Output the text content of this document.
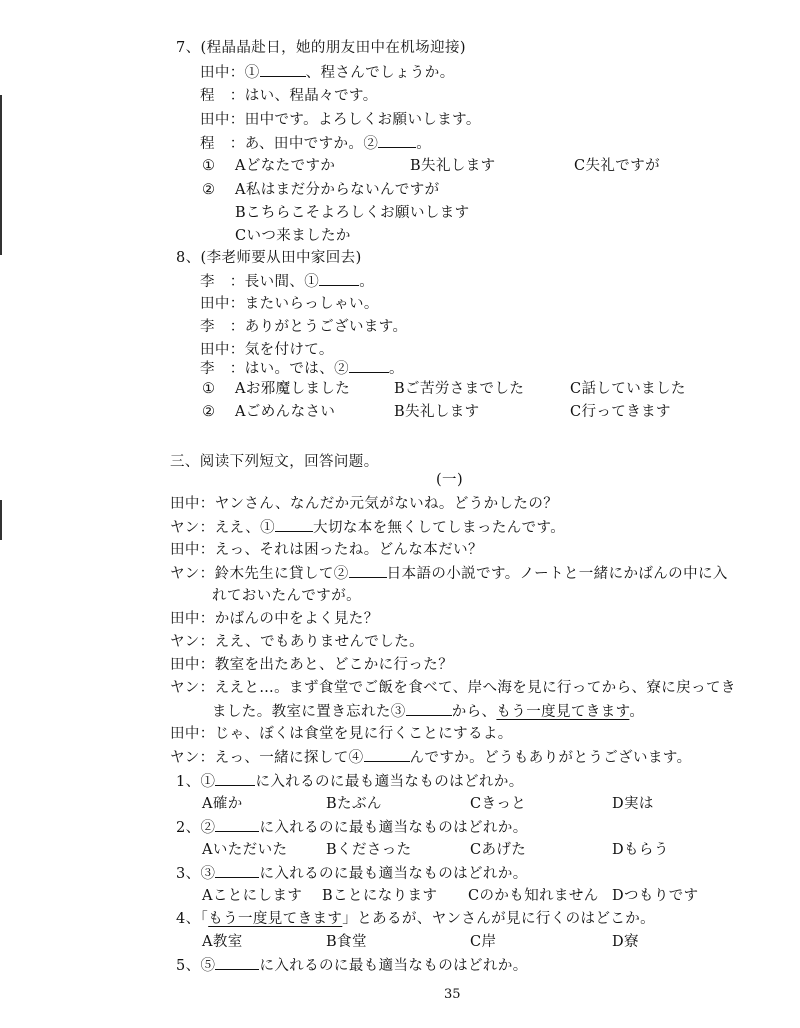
7、(程晶晶赴日，她的朋友田中在机场迎接)
田中：①	、程さんでしょうか。
程　：はい、程晶々です。
田中：田中です。よろしくお願いします。
程　：あ、田中ですか。②	。
① Aどなたですか	B失礼します	C失礼ですが
② A私はまだ分からないんですが
Bこちらこそよろしくお願いします
Cいつ来ましたか
8、(李老师要从田中家回去)
李　：長い間、①	。
田中：またいらっしゃい。
李　：ありがとうございます。
田中：気を付けて。
李　：はい。では、②	。
① Aお邪魔しました	Bご苦労さまでした	C話していました
② Aごめんなさい	B失礼します	C行ってきます
三、阅读下列短文，回答问题。
(一)
田中：ヤンさん、なんだか元気がないね。どうかしたの？
ヤン：ええ、①	大切な本を無くしてしまったんです。
田中：えっ、それは困ったね。どんな本だい？
ヤン：鈴木先生に貸して②	日本語の小説です。ノートと一緒にかばんの中に入
れておいたんですが。
田中：かばんの中をよく見た？
ヤン：ええ、でもありませんでした。
田中：教室を出たあと、どこかに行った？
ヤン：ええと…。まず食堂でご飯を食べて、岸へ海を見に行ってから、寮に戻ってき
ました。教室に置き忘れた③	から、もう一度見てきます。
田中：じゃ、ぼくは食堂を見に行くことにするよ。
ヤン：えっ、一緒に探して④	んですか。どうもありがとうございます。
1、①	に入れるのに最も適当なものはどれか。
A確か	Bたぶん	Cきっと	D実は
2、②	に入れるのに最も適当なものはどれか。
Aいただいた	Bくださった	Cあげた	Dもらう
3、③	に入れるのに最も適当なものはどれか。
Aことにします Bことになります Cのかも知れません Dつもりです
4、「もう一度見てきます」とあるが、ヤンさんが見に行くのはどこか。
A教室	B食堂	C岸	D寮
5、⑤	に入れるのに最も適当なものはどれか。
35
